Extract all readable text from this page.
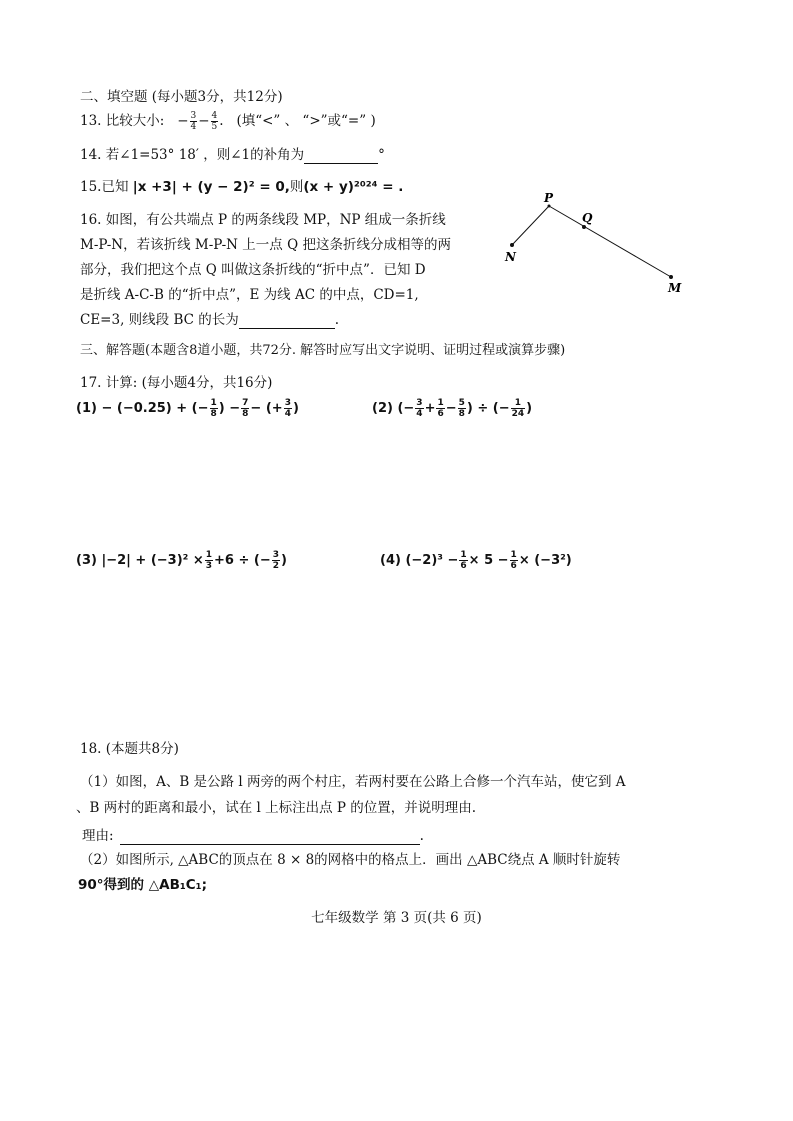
二、填空题 (每小题3分，共12分)
13. 比较大小: − $\frac{3}{4} - \frac{4}{5}$ . (填“<” 、 “>”或“=” )
14. 若∠1=53° 18′ ，则∠1的补角为	°
15.已知 |x +3| + (y − 2)² = 0,则(x + y)²⁰²⁴ = .
16. 如图，有公共端点 P 的两条线段 MP，NP 组成一条折线
M-P-N，若该折线 M-P-N 上一点 Q 把这条折线分成相等的两
部分，我们把这个点 Q 叫做这条折线的“折中点”．已知 D
是折线 A-C-B 的“折中点”，E 为线 AC 的中点，CD=1,
CE=3, 则线段 BC 的长为	.
P
Q
N
M
三、解答题(本题含8道小题，共72分. 解答时应写出文字说明、证明过程或演算步骤)
17. 计算: (每小题4分，共16分)
(1) − (−0.25) + (− $\frac{1}{8}$ ) − $\frac{7}{8}$ − (+ $\frac{3}{4}$ )	(2) (− $\frac{3}{4} + \frac{1}{6} - \frac{5}{8}$ ) ÷ (− $\frac{1}{24}$ )
(3) $|-2| + (-3)^2 \times \frac{1}{3} +6$ ÷ (− $\frac{3}{2}$ )	(4) $(-2)^3 - \frac{1}{6} \times 5 - \frac{1}{6} \times (-3^2)$
18. (本题共8分)
（1）如图，A、B 是公路 l 两旁的两个村庄，若两村要在公路上合修一个汽车站，使它到 A
、B 两村的距离和最小，试在 l 上标注出点 P 的位置，并说明理由.
理由:	.
（2）如图所示, △ABC的顶点在 8 × 8的网格中的格点上．画出 △ABC绕点 A 顺时针旋转
90°得到的 △AB₁C₁;
七年级数学 第 3 页(共 6 页)
